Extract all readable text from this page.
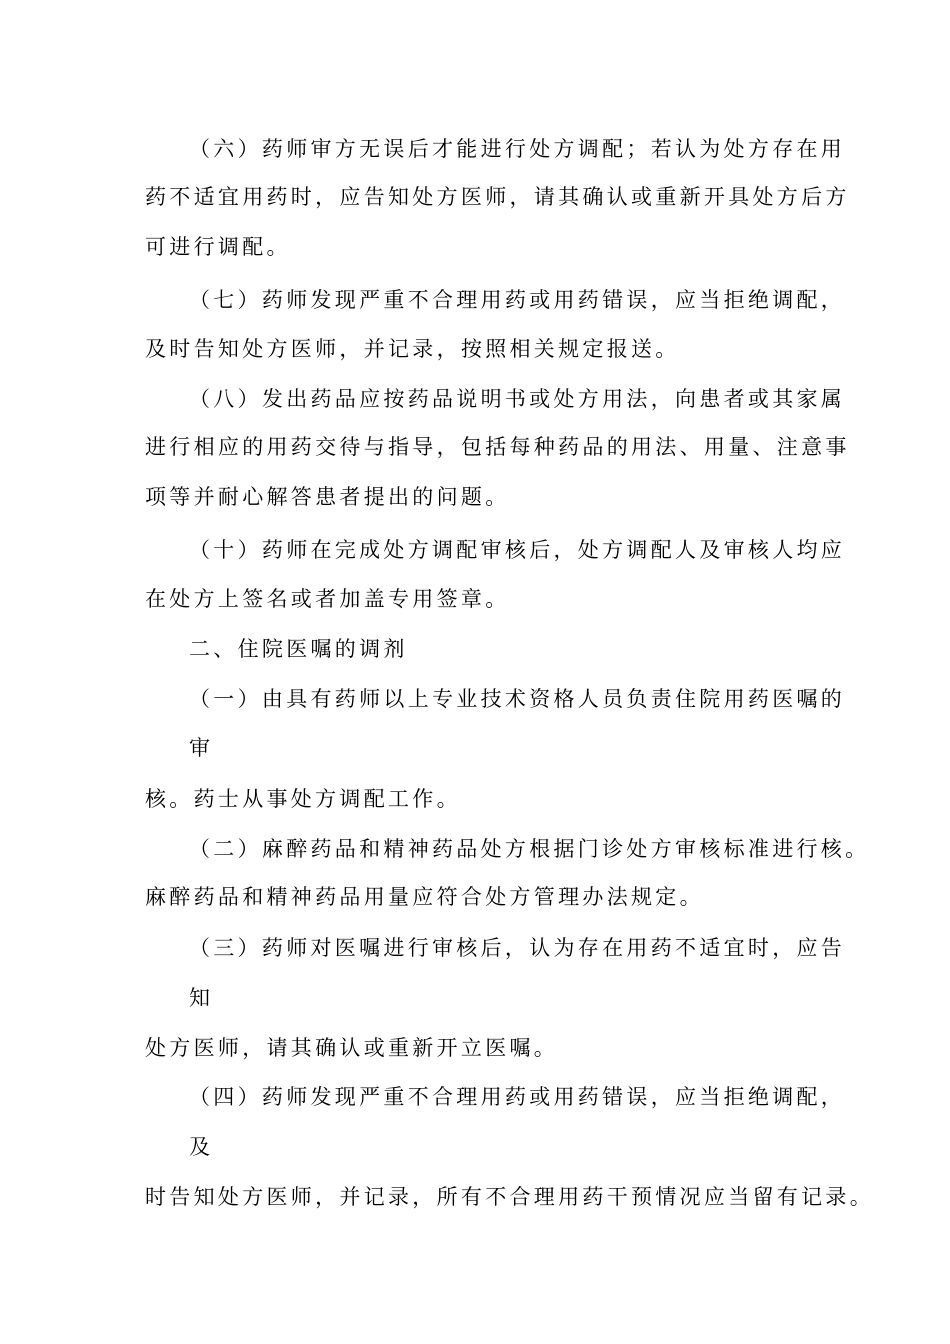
（六）药师审方无误后才能进行处方调配；若认为处方存在用
药不适宜用药时，应告知处方医师，请其确认或重新开具处方后方
可进行调配。
（七）药师发现严重不合理用药或用药错误，应当拒绝调配，
及时告知处方医师，并记录，按照相关规定报送。
（八）发出药品应按药品说明书或处方用法，向患者或其家属
进行相应的用药交待与指导，包括每种药品的用法、用量、注意事
项等并耐心解答患者提出的问题。
（十）药师在完成处方调配审核后，处方调配人及审核人均应
在处方上签名或者加盖专用签章。
二、住院医嘱的调剂
（一）由具有药师以上专业技术资格人员负责住院用药医嘱的
审
核。药士从事处方调配工作。
（二）麻醉药品和精神药品处方根据门诊处方审核标准进行核。
麻醉药品和精神药品用量应符合处方管理办法规定。
（三）药师对医嘱进行审核后，认为存在用药不适宜时，应告
知
处方医师，请其确认或重新开立医嘱。
（四）药师发现严重不合理用药或用药错误，应当拒绝调配，
及
时告知处方医师，并记录，所有不合理用药干预情况应当留有记录。
